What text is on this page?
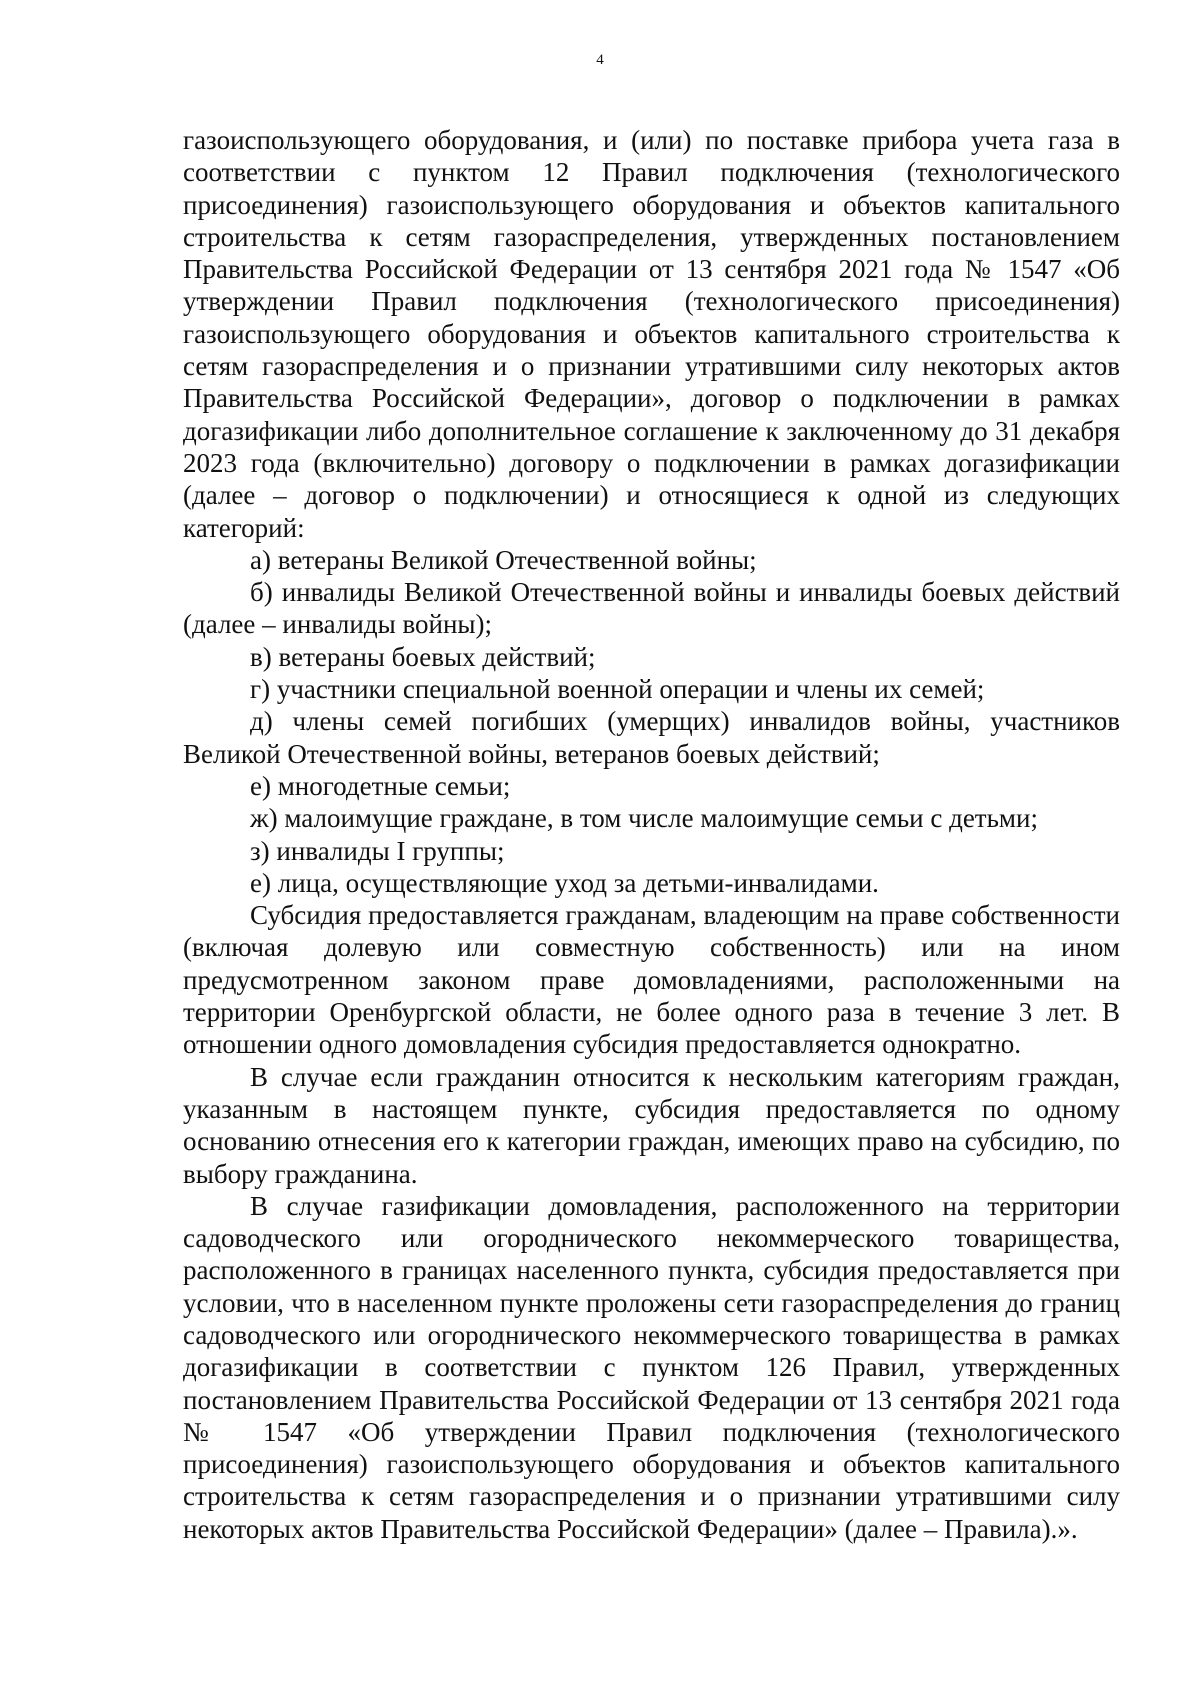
4

газоиспользующего оборудования, и (или) по поставке прибора учета газа в соответствии с пунктом 12 Правил подключения (технологического присоединения) газоиспользующего оборудования и объектов капитального строительства к сетям газораспределения, утвержденных постановлением Правительства Российской Федерации от 13 сентября 2021 года № 1547 «Об утверждении Правил подключения (технологического присоединения) газоиспользующего оборудования и объектов капитального строительства к сетям газораспределения и о признании утратившими силу некоторых актов Правительства Российской Федерации», договор о подключении в рамках догазификации либо дополнительное соглашение к заключенному до 31 декабря 2023 года (включительно) договору о подключении в рамках догазификации (далее – договор о подключении) и относящиеся к одной из следующих категорий:

а) ветераны Великой Отечественной войны;

б) инвалиды Великой Отечественной войны и инвалиды боевых действий (далее – инвалиды войны);

в) ветераны боевых действий;

г) участники специальной военной операции и члены их семей;

д) члены семей погибших (умерщих) инвалидов войны, участников Великой Отечественной войны, ветеранов боевых действий;

е) многодетные семьи;

ж) малоимущие граждане, в том числе малоимущие семьи с детьми;

з) инвалиды I группы;

е) лица, осуществляющие уход за детьми-инвалидами.

Субсидия предоставляется гражданам, владеющим на праве собственности (включая долевую или совместную собственность) или на ином предусмотренном законом праве домовладениями, расположенными на территории Оренбургской области, не более одного раза в течение 3 лет. В отношении одного домовладения субсидия предоставляется однократно.

В случае если гражданин относится к нескольким категориям граждан, указанным в настоящем пункте, субсидия предоставляется по одному основанию отнесения его к категории граждан, имеющих право на субсидию, по выбору гражданина.

В случае газификации домовладения, расположенного на территории садоводческого или огороднического некоммерческого товарищества, расположенного в границах населенного пункта, субсидия предоставляется при условии, что в населенном пункте проложены сети газораспределения до границ садоводческого или огороднического некоммерческого товарищества в рамках догазификации в соответствии с пунктом 126 Правил, утвержденных постановлением Правительства Российской Федерации от 13 сентября 2021 года № 1547 «Об утверждении Правил подключения (технологического присоединения) газоиспользующего оборудования и объектов капитального строительства к сетям газораспределения и о признании утратившими силу некоторых актов Правительства Российской Федерации» (далее – Правила).».
